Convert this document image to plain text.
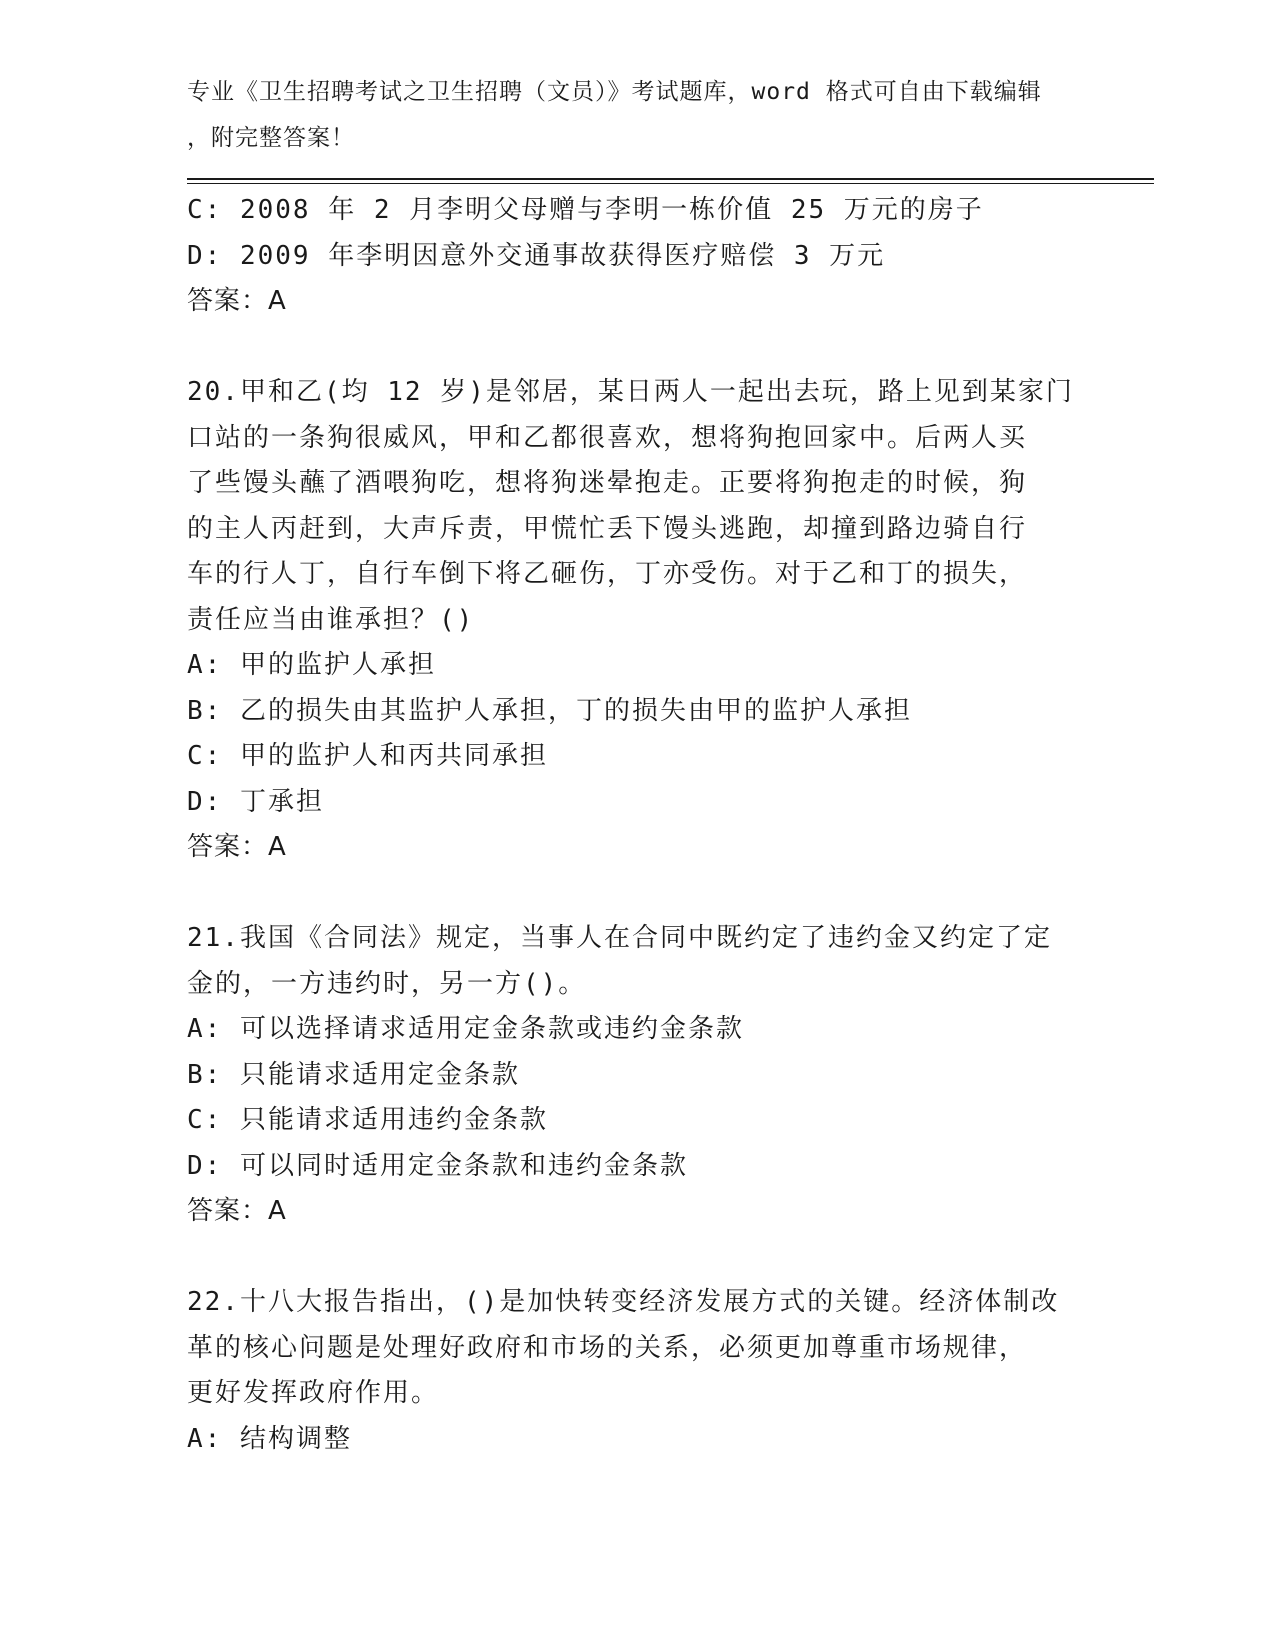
专业《卫生招聘考试之卫生招聘（文员）》考试题库，word 格式可自由下载编辑
，附完整答案！
C: 2008 年 2 月李明父母赠与李明一栋价值 25 万元的房子
D: 2009 年李明因意外交通事故获得医疗赔偿 3 万元
答案：A
20.甲和乙(均 12 岁)是邻居，某日两人一起出去玩，路上见到某家门
口站的一条狗很威风，甲和乙都很喜欢，想将狗抱回家中。后两人买
了些馒头蘸了酒喂狗吃，想将狗迷晕抱走。正要将狗抱走的时候，狗
的主人丙赶到，大声斥责，甲慌忙丢下馒头逃跑，却撞到路边骑自行
车的行人丁，自行车倒下将乙砸伤，丁亦受伤。对于乙和丁的损失，
责任应当由谁承担？()
A: 甲的监护人承担
B: 乙的损失由其监护人承担，丁的损失由甲的监护人承担
C: 甲的监护人和丙共同承担
D: 丁承担
答案：A
21.我国《合同法》规定，当事人在合同中既约定了违约金又约定了定
金的，一方违约时，另一方()。
A: 可以选择请求适用定金条款或违约金条款
B: 只能请求适用定金条款
C: 只能请求适用违约金条款
D: 可以同时适用定金条款和违约金条款
答案：A
22.十八大报告指出，()是加快转变经济发展方式的关键。经济体制改
革的核心问题是处理好政府和市场的关系，必须更加尊重市场规律，
更好发挥政府作用。
A: 结构调整
